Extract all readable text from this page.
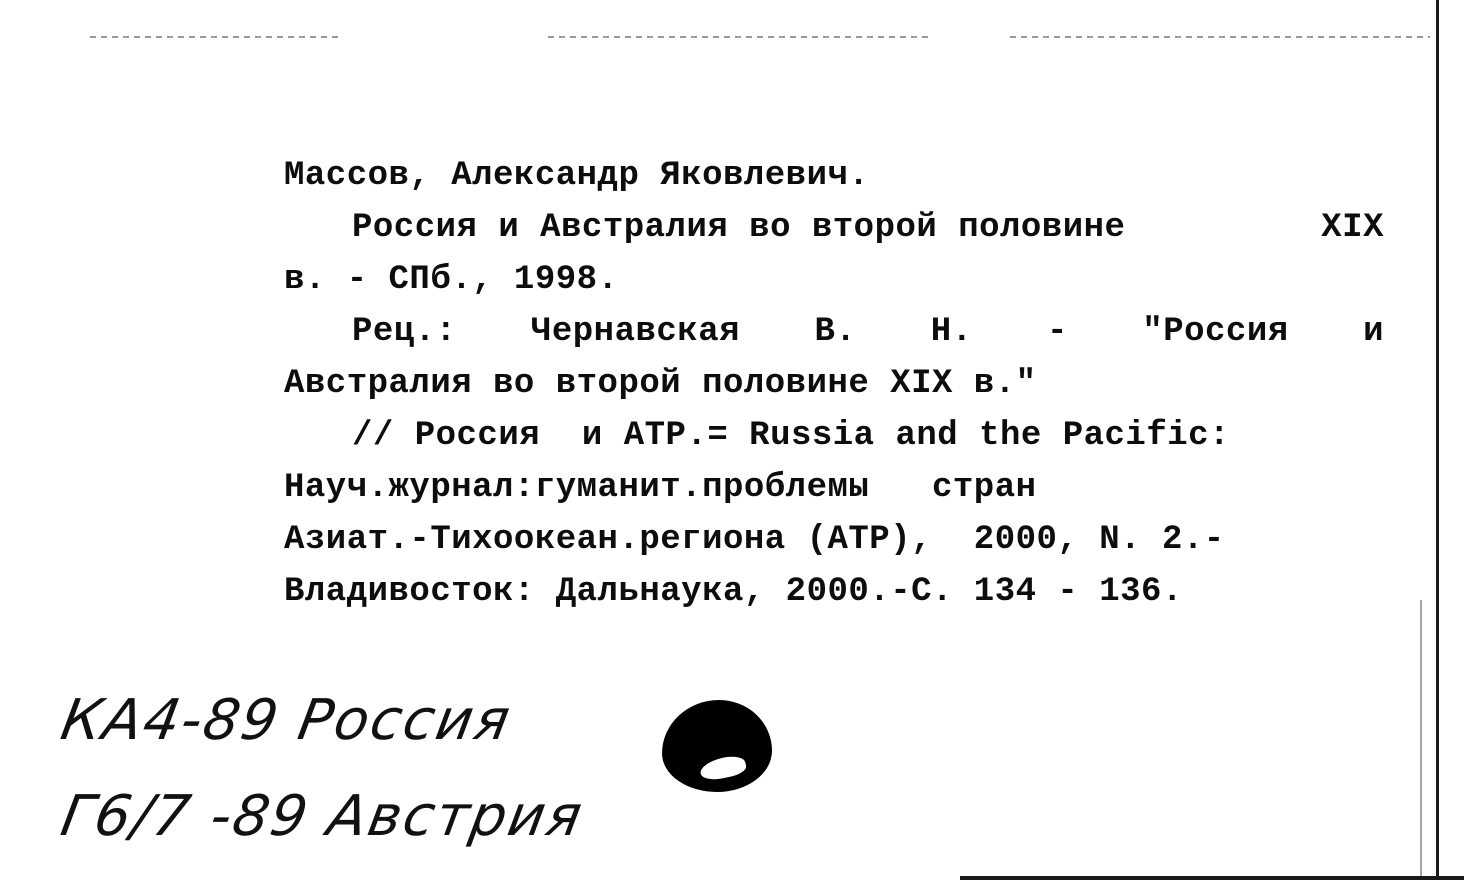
Массов, Александр Яковлевич.
Россия и Австралия во второй половине	XIX
в. - СПб., 1998.
Рец.: Чернавская В. Н. - "Россия и
Австралия во второй половине XIX в."
// Россия  и АТР.= Russia and the Pacific:
Науч.журнал:гуманит.проблемы   стран
Азиат.-Тихоокеан.региона (АТР),  2000, N. 2.-
Владивосток: Дальнаука, 2000.-С. 134 - 136.
КА4-89 Россия
Г6/7 -89 Австрия
